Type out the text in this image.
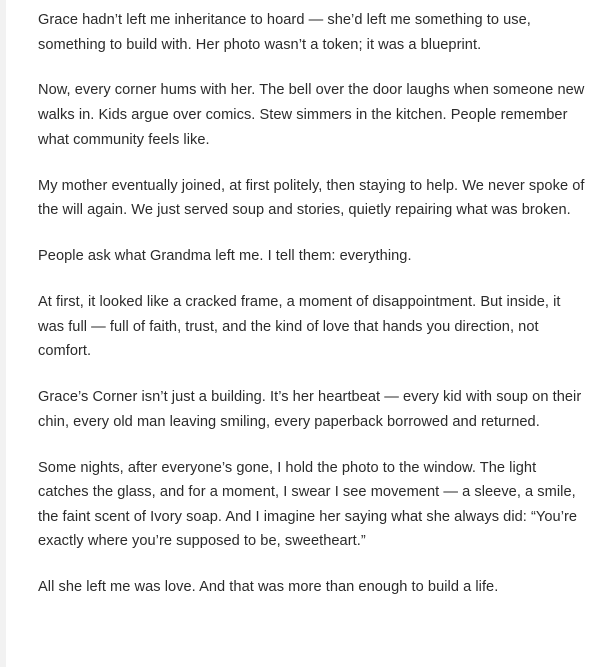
Grace hadn’t left me inheritance to hoard — she’d left me something to use, something to build with. Her photo wasn’t a token; it was a blueprint.

Now, every corner hums with her. The bell over the door laughs when someone new walks in. Kids argue over comics. Stew simmers in the kitchen. People remember what community feels like.

My mother eventually joined, at first politely, then staying to help. We never spoke of the will again. We just served soup and stories, quietly repairing what was broken.

People ask what Grandma left me. I tell them: everything.

At first, it looked like a cracked frame, a moment of disappointment. But inside, it was full — full of faith, trust, and the kind of love that hands you direction, not comfort.

Grace’s Corner isn’t just a building. It’s her heartbeat — every kid with soup on their chin, every old man leaving smiling, every paperback borrowed and returned.

Some nights, after everyone’s gone, I hold the photo to the window. The light catches the glass, and for a moment, I swear I see movement — a sleeve, a smile, the faint scent of Ivory soap. And I imagine her saying what she always did: “You’re exactly where you’re supposed to be, sweetheart.”

All she left me was love. And that was more than enough to build a life.
